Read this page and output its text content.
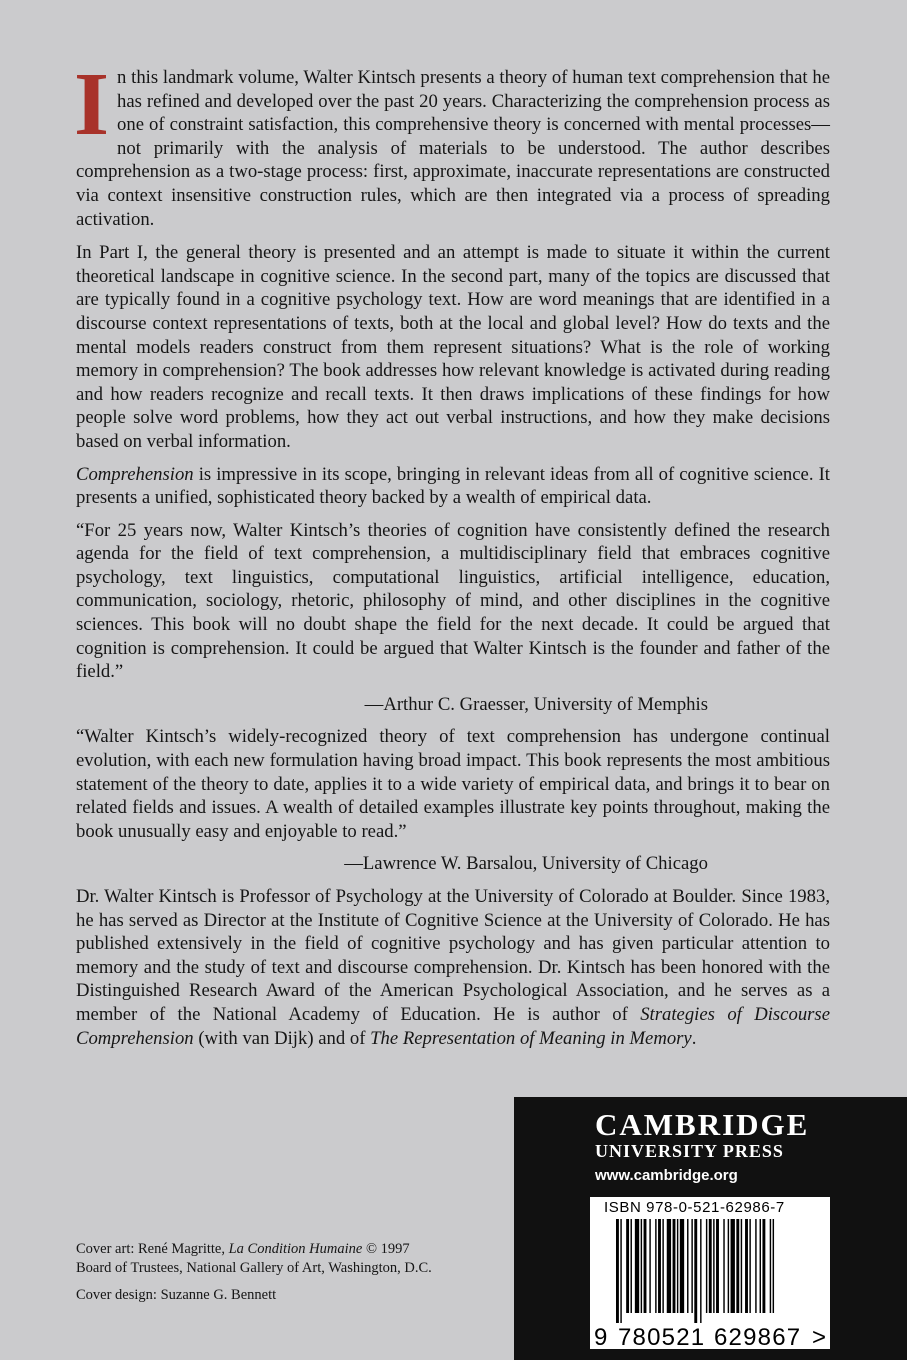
In this landmark volume, Walter Kintsch presents a theory of human text comprehension that he has refined and developed over the past 20 years. Characterizing the comprehension process as one of constraint satisfaction, this comprehensive theory is concerned with mental processes—not primarily with the analysis of materials to be understood. The author describes comprehension as a two-stage process: first, approximate, inaccurate representations are constructed via context insensitive construction rules, which are then integrated via a process of spreading activation.

In Part I, the general theory is presented and an attempt is made to situate it within the current theoretical landscape in cognitive science. In the second part, many of the topics are discussed that are typically found in a cognitive psychology text. How are word meanings that are identified in a discourse context representations of texts, both at the local and global level? How do texts and the mental models readers construct from them represent situations? What is the role of working memory in comprehension? The book addresses how relevant knowledge is activated during reading and how readers recognize and recall texts. It then draws implications of these findings for how people solve word problems, how they act out verbal instructions, and how they make decisions based on verbal information.

Comprehension is impressive in its scope, bringing in relevant ideas from all of cognitive science. It presents a unified, sophisticated theory backed by a wealth of empirical data.

“For 25 years now, Walter Kintsch’s theories of cognition have consistently defined the research agenda for the field of text comprehension, a multidisciplinary field that embraces cognitive psychology, text linguistics, computational linguistics, artificial intelligence, education, communication, sociology, rhetoric, philosophy of mind, and other disciplines in the cognitive sciences. This book will no doubt shape the field for the next decade. It could be argued that cognition is comprehension. It could be argued that Walter Kintsch is the founder and father of the field.”

—Arthur C. Graesser, University of Memphis

“Walter Kintsch’s widely-recognized theory of text comprehension has undergone continual evolution, with each new formulation having broad impact. This book represents the most ambitious statement of the theory to date, applies it to a wide variety of empirical data, and brings it to bear on related fields and issues. A wealth of detailed examples illustrate key points throughout, making the book unusually easy and enjoyable to read.”

—Lawrence W. Barsalou, University of Chicago

Dr. Walter Kintsch is Professor of Psychology at the University of Colorado at Boulder. Since 1983, he has served as Director at the Institute of Cognitive Science at the University of Colorado. He has published extensively in the field of cognitive psychology and has given particular attention to memory and the study of text and discourse comprehension. Dr. Kintsch has been honored with the Distinguished Research Award of the American Psychological Association, and he serves as a member of the National Academy of Education. He is author of Strategies of Discourse Comprehension (with van Dijk) and of The Representation of Meaning in Memory.

Cover art: René Magritte, La Condition Humaine © 1997
Board of Trustees, National Gallery of Art, Washington, D.C.
Cover design: Suzanne G. Bennett
CAMBRIDGE
UNIVERSITY PRESS
www.cambridge.org
ISBN 978-0-521-62986-7
9 780521 629867 >
